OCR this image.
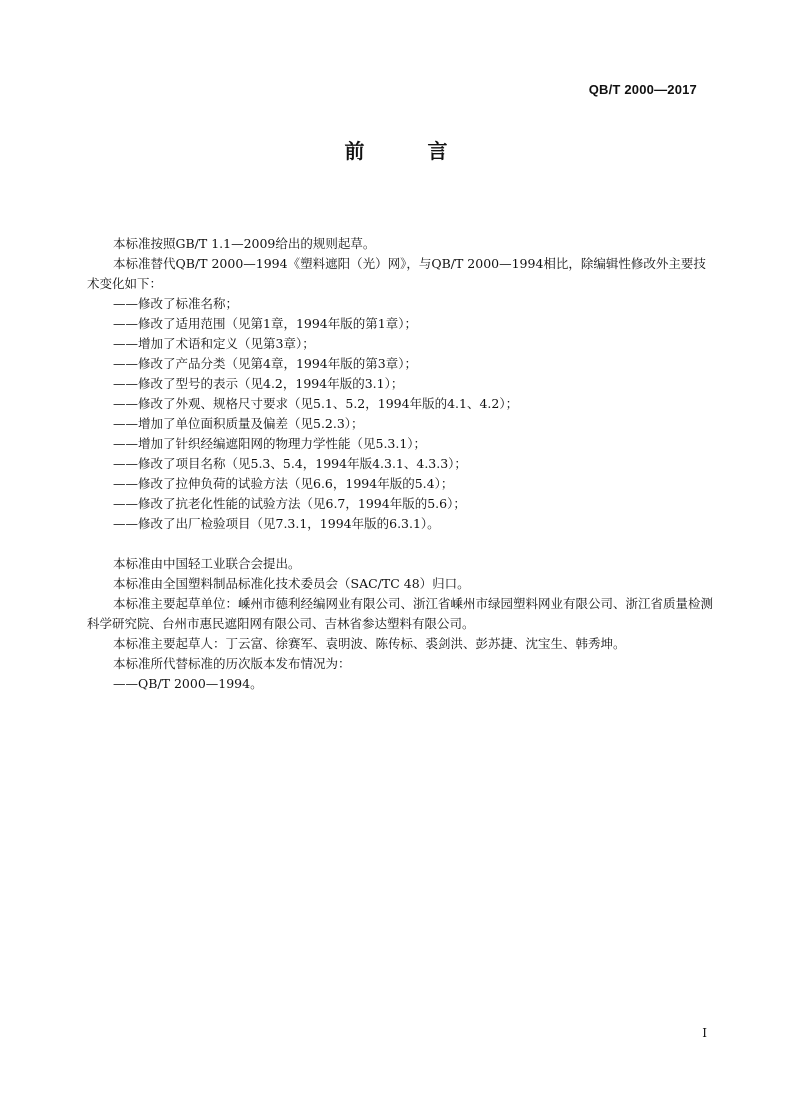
QB/T 2000—2017
前 言

本标准按照GB/T 1.1—2009给出的规则起草。

本标准替代QB/T 2000—1994《塑料遮阳（光）网》，与QB/T 2000—1994相比，除编辑性修改外主要技术变化如下：

——修改了标准名称；

——修改了适用范围（见第1章，1994年版的第1章）；

——增加了术语和定义（见第3章）；

——修改了产品分类（见第4章，1994年版的第3章）；

——修改了型号的表示（见4.2，1994年版的3.1）；

——修改了外观、规格尺寸要求（见5.1、5.2，1994年版的4.1、4.2）；

——增加了单位面积质量及偏差（见5.2.3）；

——增加了针织经编遮阳网的物理力学性能（见5.3.1）；

——修改了项目名称（见5.3、5.4，1994年版4.3.1、4.3.3）；

——修改了拉伸负荷的试验方法（见6.6，1994年版的5.4）；

——修改了抗老化性能的试验方法（见6.7，1994年版的5.6）；

——修改了出厂检验项目（见7.3.1，1994年版的6.3.1）。

本标准由中国轻工业联合会提出。

本标准由全国塑料制品标准化技术委员会（SAC/TC 48）归口。

本标准主要起草单位：嵊州市德利经编网业有限公司、浙江省嵊州市绿园塑料网业有限公司、浙江省质量检测科学研究院、台州市惠民遮阳网有限公司、吉林省参达塑料有限公司。

本标准主要起草人：丁云富、徐赛军、袁明波、陈传标、裘剑洪、彭苏捷、沈宝生、韩秀坤。

本标准所代替标准的历次版本发布情况为：

——QB/T 2000—1994。

I
